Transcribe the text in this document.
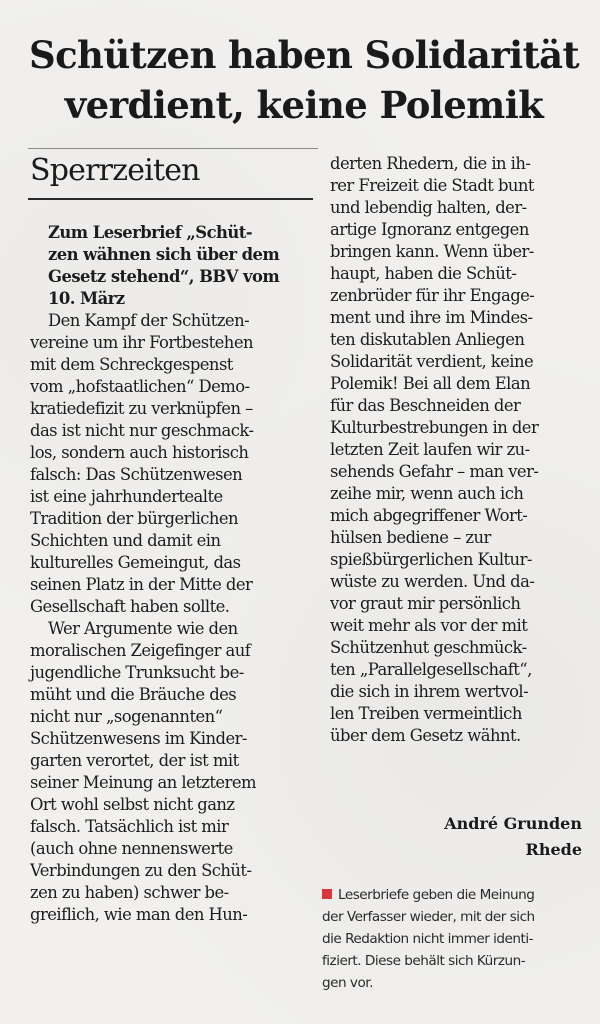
Schützen haben Solidarität
verdient, keine Polemik
Sperrzeiten
Zum Leserbrief „Schüt-
zen wähnen sich über dem
Gesetz stehend“, BBV vom
10. März
Den Kampf der Schützen-
vereine um ihr Fortbestehen
mit dem Schreckgespenst
vom „hofstaatlichen“ Demo-
kratiedefizit zu verknüpfen –
das ist nicht nur geschmack-
los, sondern auch historisch
falsch: Das Schützenwesen
ist eine jahrhundertealte
Tradition der bürgerlichen
Schichten und damit ein
kulturelles Gemeingut, das
seinen Platz in der Mitte der
Gesellschaft haben sollte.
Wer Argumente wie den
moralischen Zeigefinger auf
jugendliche Trunksucht be-
müht und die Bräuche des
nicht nur „sogenannten“
Schützenwesens im Kinder-
garten verortet, der ist mit
seiner Meinung an letzterem
Ort wohl selbst nicht ganz
falsch. Tatsächlich ist mir
(auch ohne nennenswerte
Verbindungen zu den Schüt-
zen zu haben) schwer be-
greiflich, wie man den Hun-
derten Rhedern, die in ih-
rer Freizeit die Stadt bunt
und lebendig halten, der-
artige Ignoranz entgegen
bringen kann. Wenn über-
haupt, haben die Schüt-
zenbrüder für ihr Engage-
ment und ihre im Mindes-
ten diskutablen Anliegen
Solidarität verdient, keine
Polemik! Bei all dem Elan
für das Beschneiden der
Kulturbestrebungen in der
letzten Zeit laufen wir zu-
sehends Gefahr – man ver-
zeihe mir, wenn auch ich
mich abgegriffener Wort-
hülsen bediene – zur
spießbürgerlichen Kultur-
wüste zu werden. Und da-
vor graut mir persönlich
weit mehr als vor der mit
Schützenhut geschmück-
ten „Parallelgesellschaft“,
die sich in ihrem wertvol-
len Treiben vermeintlich
über dem Gesetz wähnt.
André Grunden
Rhede
Leserbriefe geben die Meinung
der Verfasser wieder, mit der sich
die Redaktion nicht immer identi-
fiziert. Diese behält sich Kürzun-
gen vor.
